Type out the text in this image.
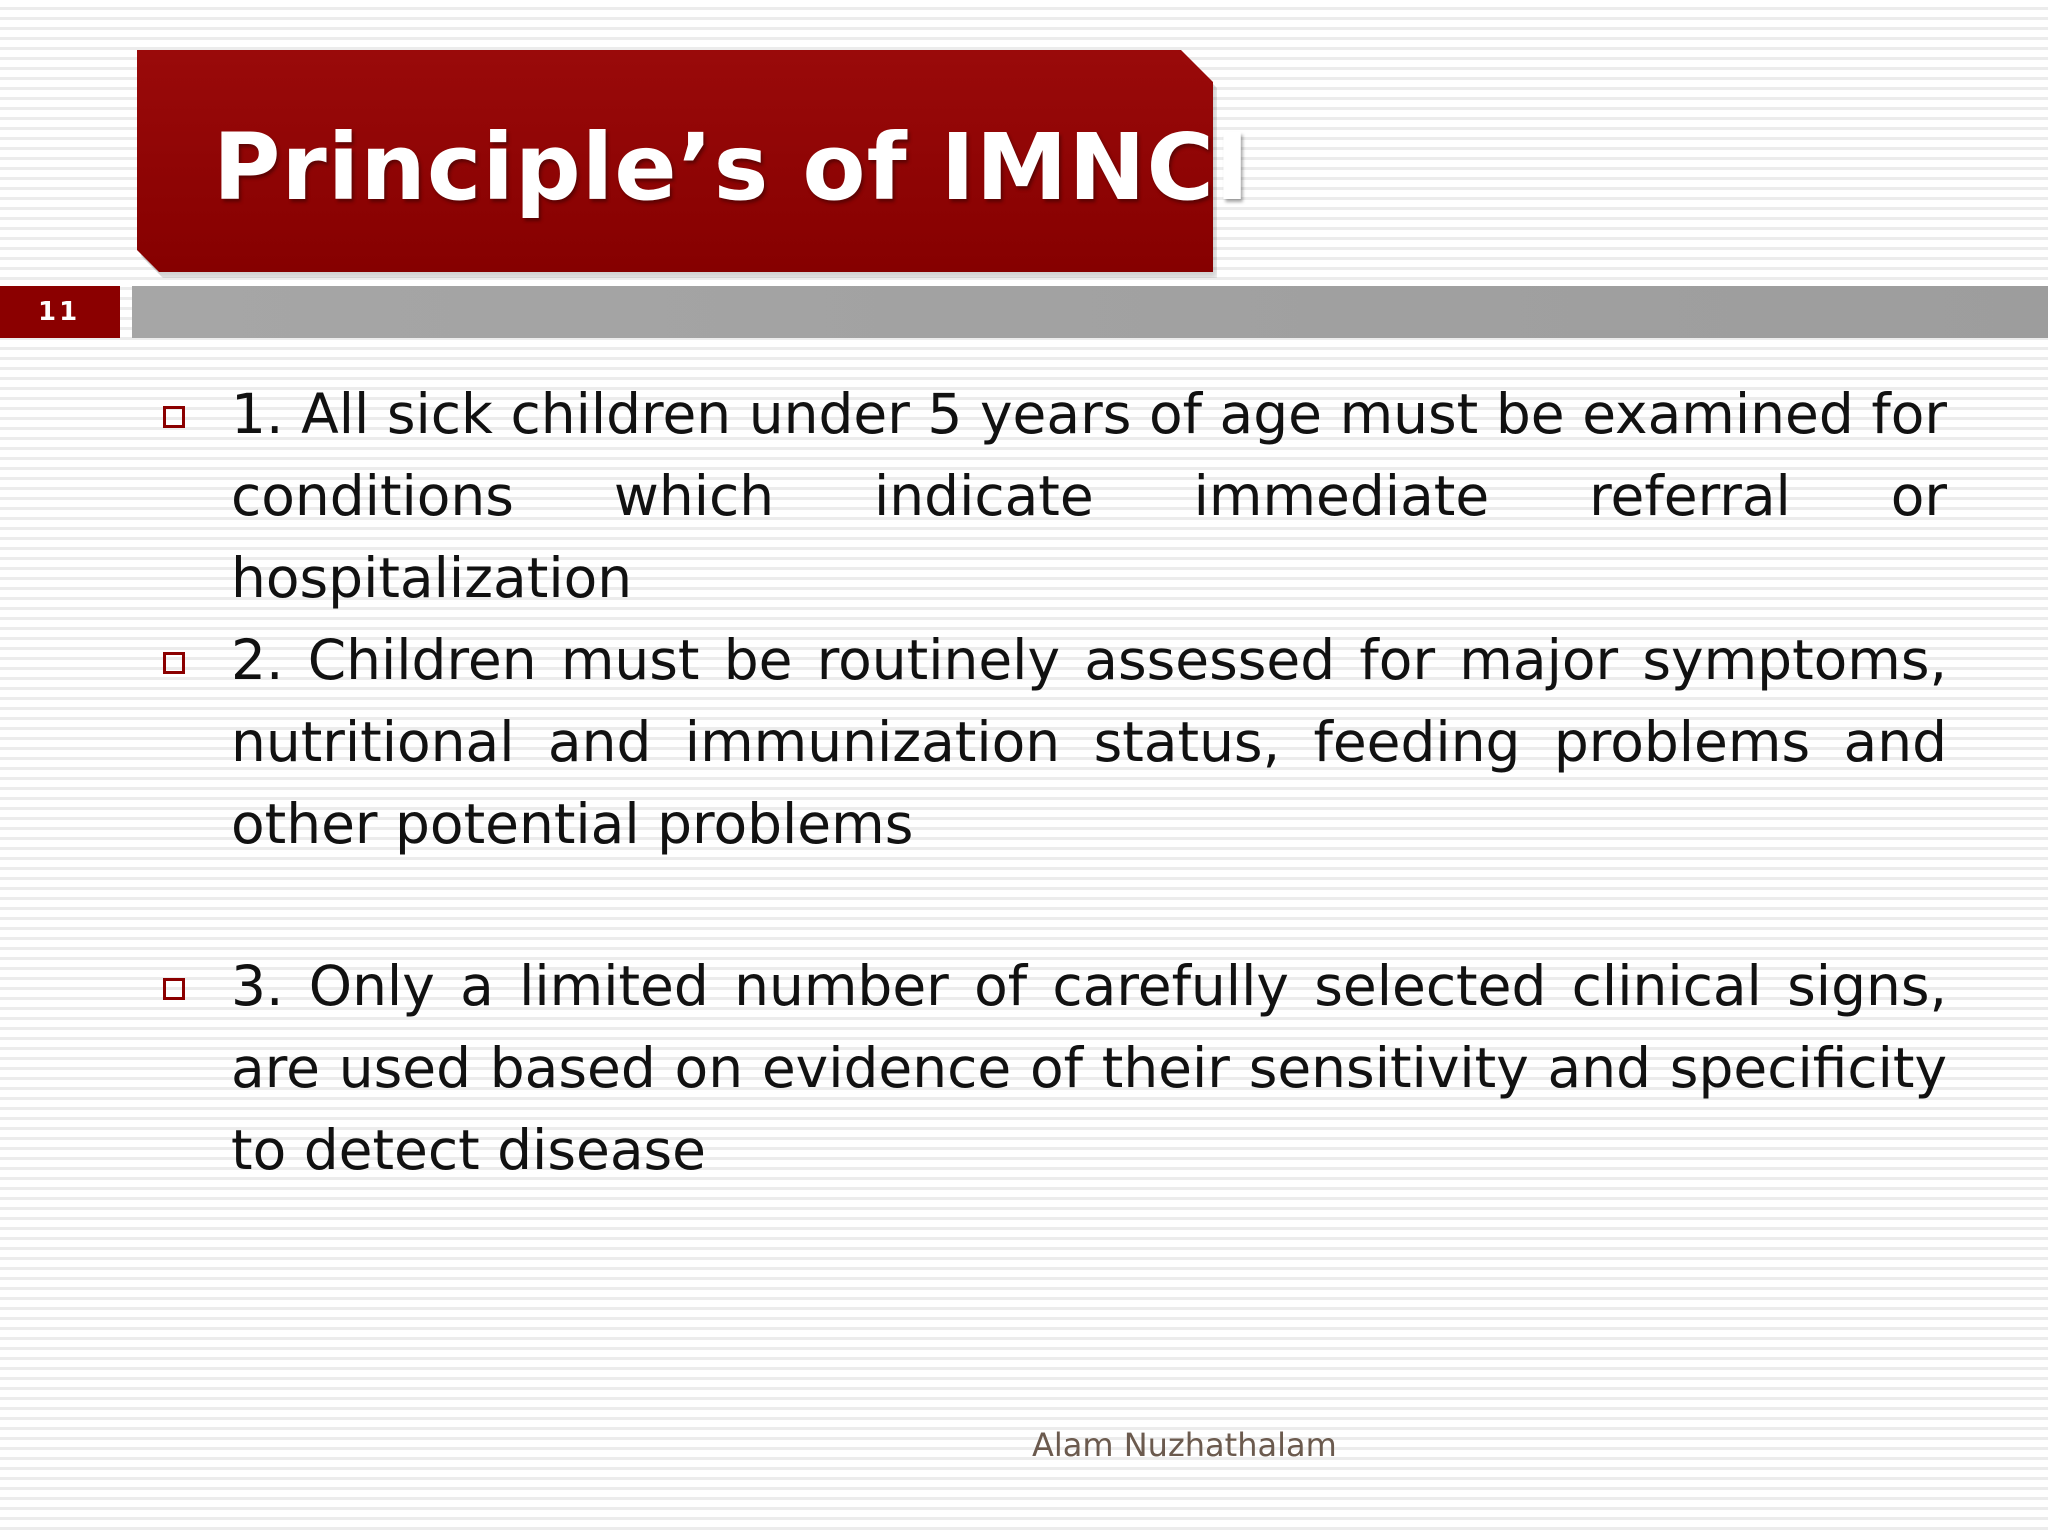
Principle’s of IMNCI
11
1. All sick children under 5 years of age must be examined for conditions which indicate immediate referral or hospitalization
2. Children must be routinely assessed for major symptoms, nutritional and immunization status, feeding problems and other potential problems
3. Only a limited number of carefully selected clinical signs, are used based on evidence of their sensitivity and specificity to detect disease
Alam Nuzhathalam
